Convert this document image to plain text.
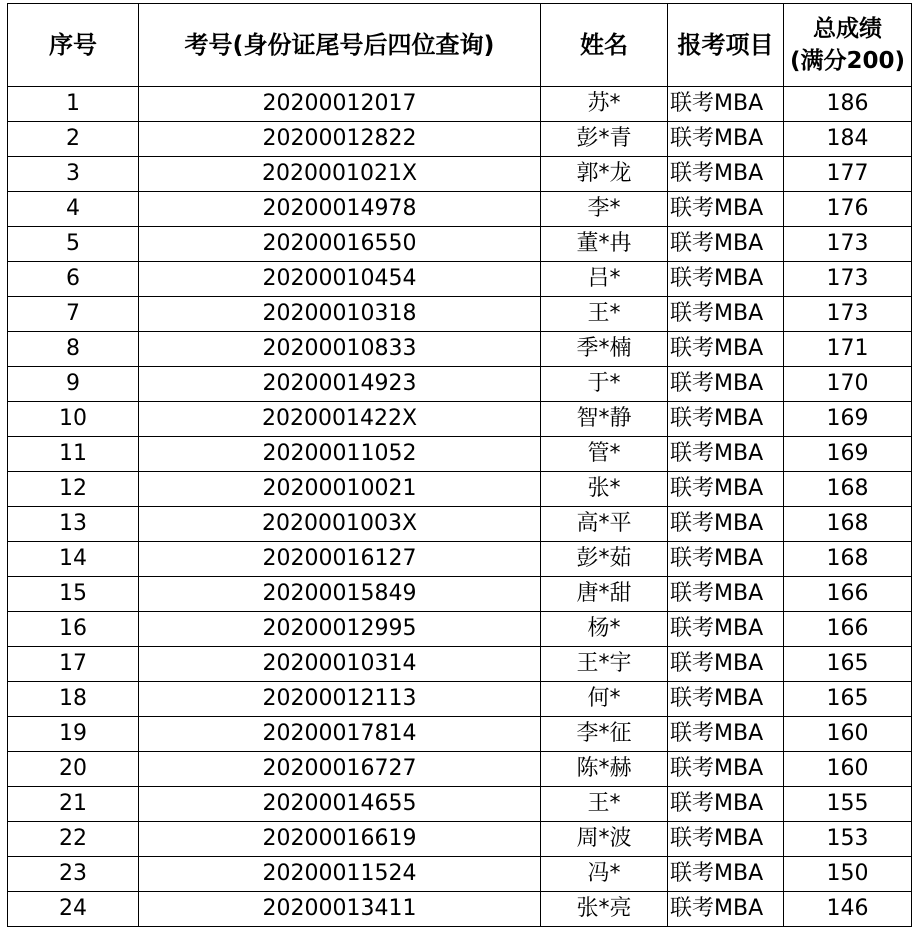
序号	考号(身份证尾号后四位查询)	姓名	报考项目	总成绩
(满分200)
1	20200012017	苏*	联考MBA	186
2	20200012822	彭*青	联考MBA	184
3	2020001021X	郭*龙	联考MBA	177
4	20200014978	李*	联考MBA	176
5	20200016550	董*冉	联考MBA	173
6	20200010454	吕*	联考MBA	173
7	20200010318	王*	联考MBA	173
8	20200010833	季*楠	联考MBA	171
9	20200014923	于*	联考MBA	170
10	2020001422X	智*静	联考MBA	169
11	20200011052	管*	联考MBA	169
12	20200010021	张*	联考MBA	168
13	2020001003X	高*平	联考MBA	168
14	20200016127	彭*茹	联考MBA	168
15	20200015849	唐*甜	联考MBA	166
16	20200012995	杨*	联考MBA	166
17	20200010314	王*宇	联考MBA	165
18	20200012113	何*	联考MBA	165
19	20200017814	李*征	联考MBA	160
20	20200016727	陈*赫	联考MBA	160
21	20200014655	王*	联考MBA	155
22	20200016619	周*波	联考MBA	153
23	20200011524	冯*	联考MBA	150
24	20200013411	张*亮	联考MBA	146
